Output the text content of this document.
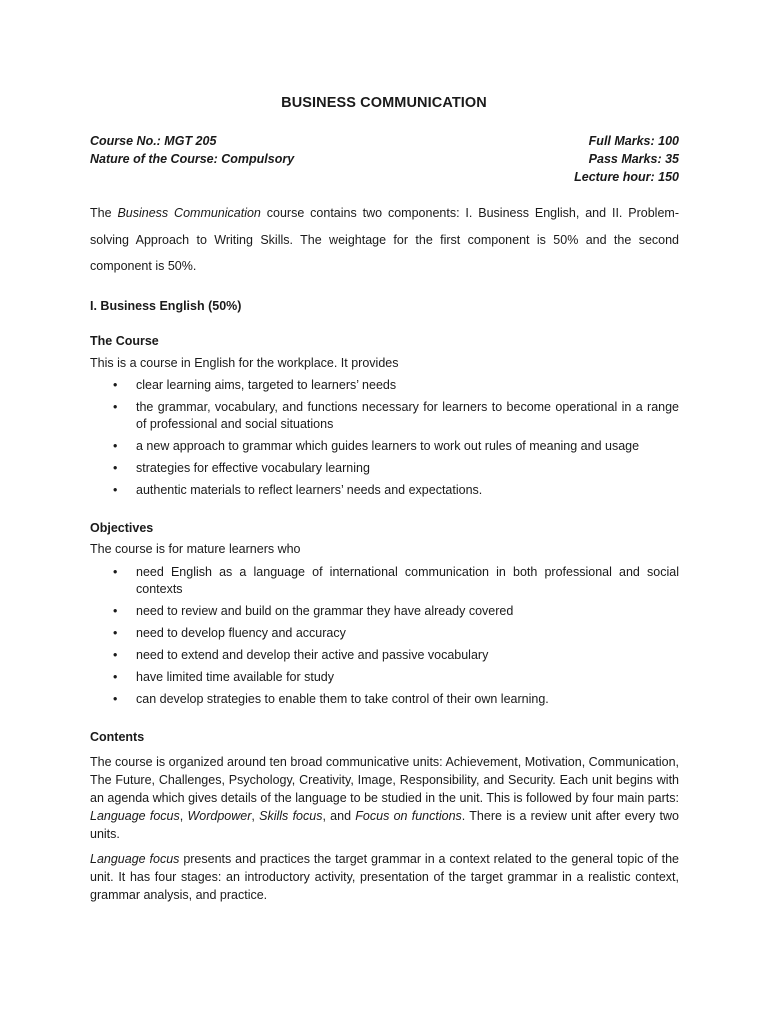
BUSINESS COMMUNICATION
Course No.: MGT 205
Nature of the Course: Compulsory
Full Marks: 100
Pass Marks: 35
Lecture hour: 150
The Business Communication course contains two components: I. Business English, and II. Problem-solving Approach to Writing Skills. The weightage for the first component is 50% and the second component is 50%.
I. Business English (50%)
The Course
This is a course in English for the workplace. It provides
• clear learning aims, targeted to learners’ needs
• the grammar, vocabulary, and functions necessary for learners to become operational in a range of professional and social situations
• a new approach to grammar which guides learners to work out rules of meaning and usage
• strategies for effective vocabulary learning
• authentic materials to reflect learners’ needs and expectations.
Objectives
The course is for mature learners who
• need English as a language of international communication in both professional and social contexts
• need to review and build on the grammar they have already covered
• need to develop fluency and accuracy
• need to extend and develop their active and passive vocabulary
• have limited time available for study
• can develop strategies to enable them to take control of their own learning.
Contents
The course is organized around ten broad communicative units: Achievement, Motivation, Communication, The Future, Challenges, Psychology, Creativity, Image, Responsibility, and Security. Each unit begins with an agenda which gives details of the language to be studied in the unit. This is followed by four main parts: Language focus, Wordpower, Skills focus, and Focus on functions. There is a review unit after every two units.
Language focus presents and practices the target grammar in a context related to the general topic of the unit. It has four stages: an introductory activity, presentation of the target grammar in a realistic context, grammar analysis, and practice.
